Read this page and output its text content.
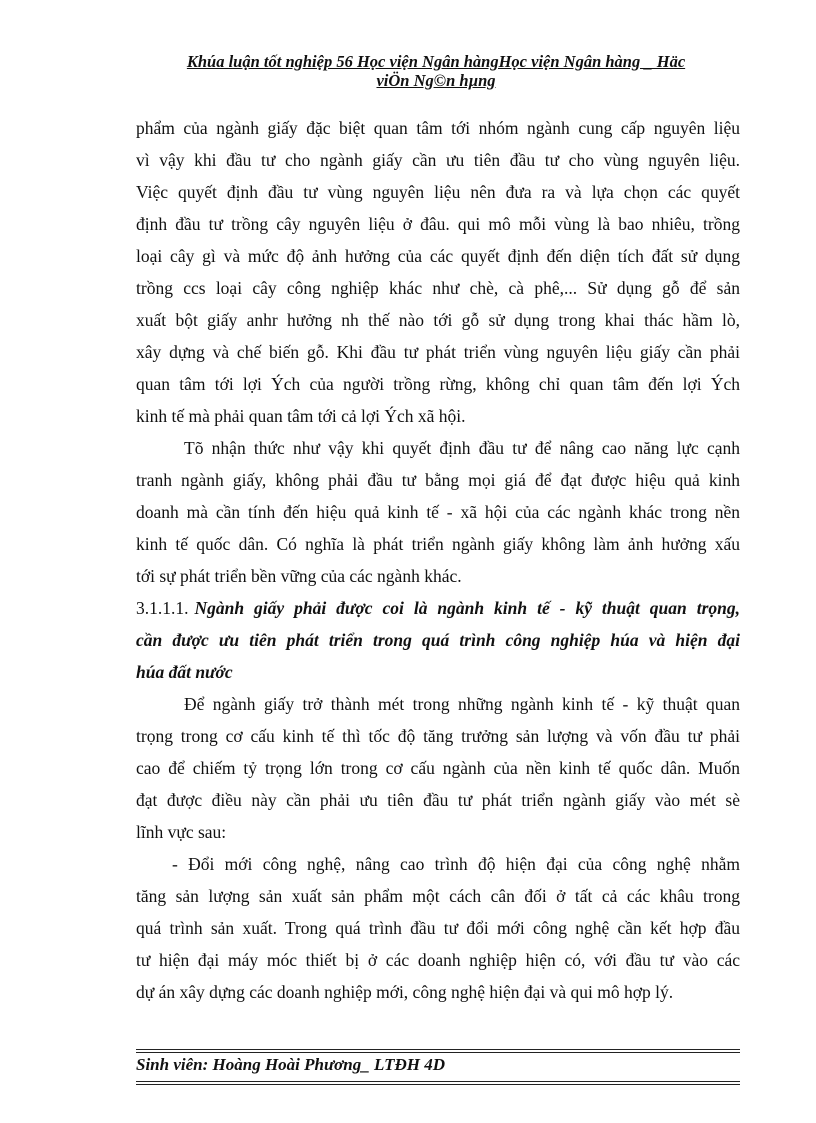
Khúa luận tốt nghiệp 56 Học viện Ngân hàngHọc viện Ngân hàng _ Häc
viÖn Ng©n hµng
phẩm của ngành giấy đặc biệt quan tâm tới nhóm ngành cung cấp nguyên liệu
vì vậy khi đầu tư cho ngành giấy cần ưu tiên đầu tư cho vùng nguyên liệu.
Việc quyết định đầu tư vùng nguyên liệu nên đưa ra và lựa chọn các quyết
định đầu tư trồng cây nguyên liệu ở đâu. qui mô mỗi vùng là bao nhiêu, trồng
loại cây gì và mức độ ảnh hưởng của các quyết định đến diện tích đất sử dụng
trồng ccs loại cây công nghiệp khác như chè, cà phê,... Sử dụng gỗ để sản
xuất bột giấy anhr hưởng nh thế nào tới gỗ sử dụng trong khai thác hầm lò,
xây dựng và chế biến gỗ. Khi đầu tư phát triển vùng nguyên liệu giấy cần phải
quan tâm tới lợi Ých của người trồng rừng, không chỉ quan tâm đến lợi Ých
kinh tế mà phải quan tâm tới cả lợi Ých xã hội.
Tõ nhận thức như vậy khi quyết định đầu tư để nâng cao năng lực cạnh
tranh ngành giấy, không phải đầu tư bằng mọi giá để đạt được hiệu quả kinh
doanh mà cần tính đến hiệu quả kinh tế - xã hội của các ngành khác trong nền
kinh tế quốc dân. Có nghĩa là phát triển ngành giấy không làm ảnh hưởng xấu
tới sự phát triển bền vững của các ngành khác.
3.1.1.1. Ngành giấy phải được coi là ngành kinh tế - kỹ thuật quan trọng,
cần được ưu tiên phát triển trong quá trình công nghiệp húa và hiện đại
húa đất nước
Để ngành giấy trở thành mét trong những ngành kinh tế - kỹ thuật quan
trọng trong cơ cấu kinh tế thì tốc độ tăng trưởng sản lượng và vốn đầu tư phải
cao để chiếm tỷ trọng lớn trong cơ cấu ngành của nền kinh tế quốc dân. Muốn
đạt được điều này cần phải ưu tiên đầu tư phát triển ngành giấy vào mét sè
lĩnh vực sau:
- Đổi mới công nghệ, nâng cao trình độ hiện đại của công nghệ nhằm
tăng sản lượng sản xuất sản phẩm một cách cân đối ở tất cả các khâu trong
quá trình sản xuất. Trong quá trình đầu tư đổi mới công nghệ cần kết hợp đầu
tư hiện đại máy móc thiết bị ở các doanh nghiệp hiện có, với đầu tư vào các
dự án xây dựng các doanh nghiệp mới, công nghệ hiện đại và qui mô hợp lý.
Sinh viên: Hoàng Hoài Phương_ LTĐH 4D
